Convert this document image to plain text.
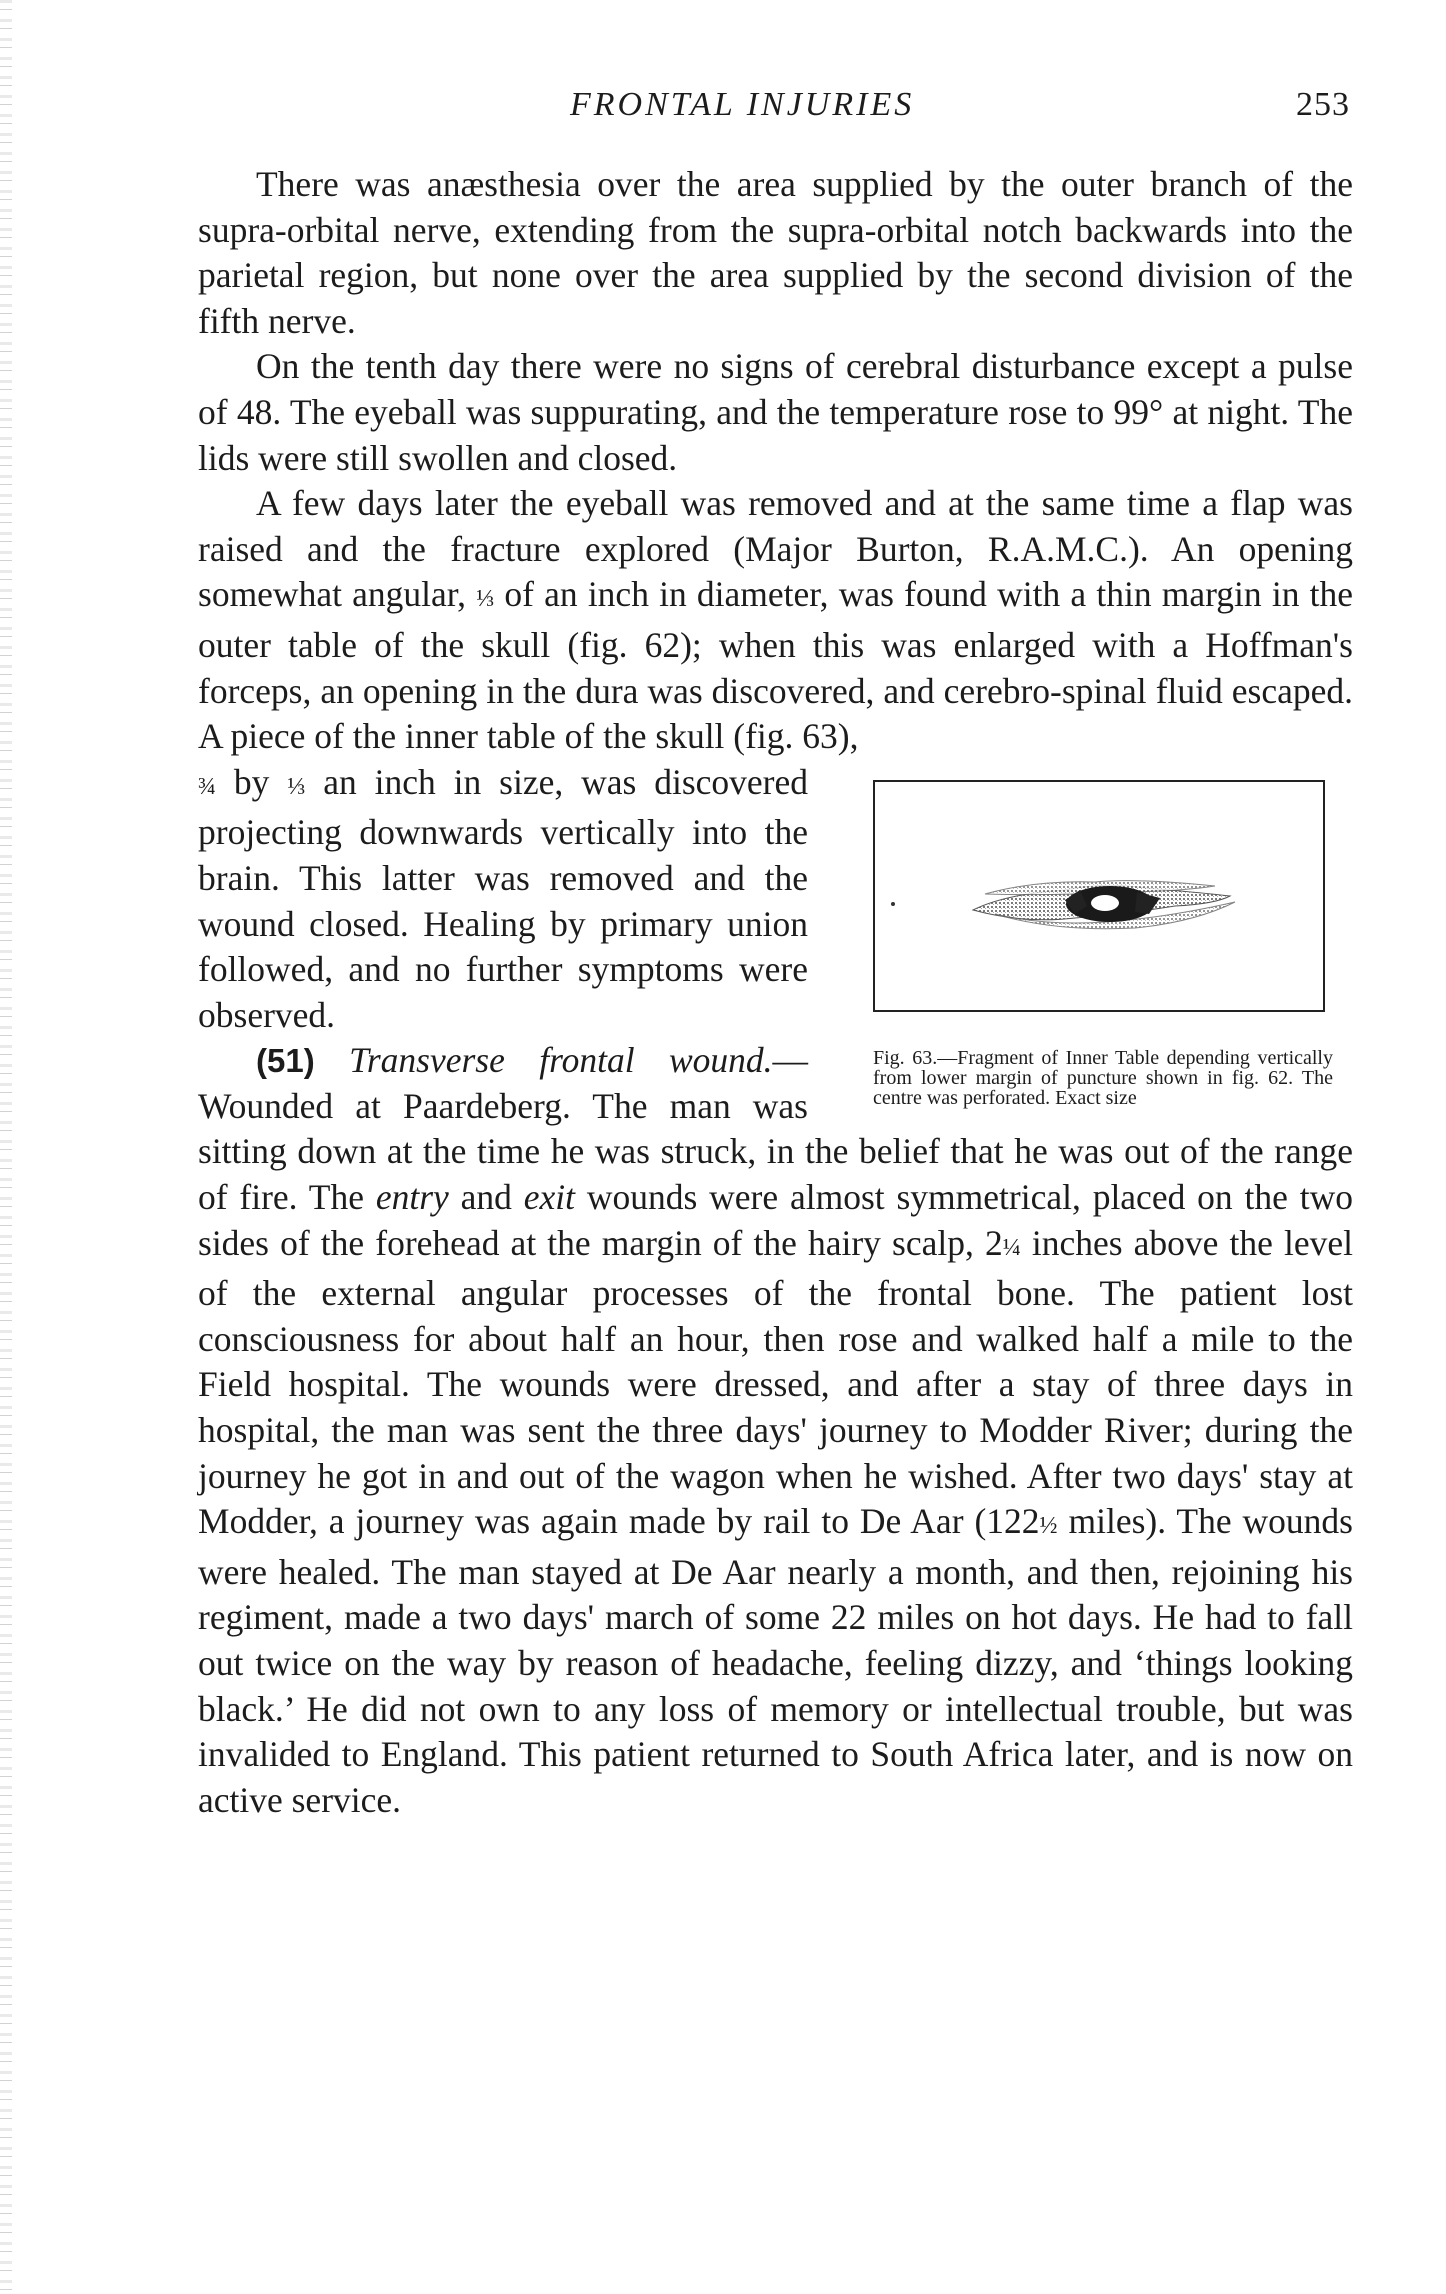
FRONTAL INJURIES	253

There was anæsthesia over the area supplied by the outer branch of the supra-orbital nerve, extending from the supra-orbital notch backwards into the parietal region, but none over the area supplied by the second division of the fifth nerve.

On the tenth day there were no signs of cerebral disturbance except a pulse of 48. The eyeball was suppurating, and the temperature rose to 99° at night. The lids were still swollen and closed.

A few days later the eyeball was removed and at the same time a flap was raised and the fracture explored (Major Burton, R.A.M.C.). An opening somewhat angular, ⅓ of an inch in diameter, was found with a thin margin in the outer table of the skull (fig. 62); when this was enlarged with a Hoffman's forceps, an opening in the dura was discovered, and cerebro-spinal fluid escaped. A piece of the inner table of the skull (fig. 63),

Fig. 63.—Fragment of Inner Table depending vertically from lower margin of puncture shown in fig. 62. The centre was perforated. Exact size
¾ by ⅓ an inch in size, was discovered projecting downwards vertically into the brain. This latter was removed and the wound closed. Healing by primary union followed, and no further symptoms were observed.

(51) Transverse frontal wound.—Wounded at Paardeberg. The man was sitting down at the time he was struck, in the belief that he was out of the range of fire. The entry and exit wounds were almost symmetrical, placed on the two sides of the forehead at the margin of the hairy scalp, 2¼ inches above the level of the external angular processes of the frontal bone. The patient lost consciousness for about half an hour, then rose and walked half a mile to the Field hospital. The wounds were dressed, and after a stay of three days in hospital, the man was sent the three days' journey to Modder River; during the journey he got in and out of the wagon when he wished. After two days' stay at Modder, a journey was again made by rail to De Aar (122½ miles). The wounds were healed. The man stayed at De Aar nearly a month, and then, rejoining his regiment, made a two days' march of some 22 miles on hot days. He had to fall out twice on the way by reason of headache, feeling dizzy, and ‘things looking black.’ He did not own to any loss of memory or intellectual trouble, but was invalided to England. This patient returned to South Africa later, and is now on active service.
